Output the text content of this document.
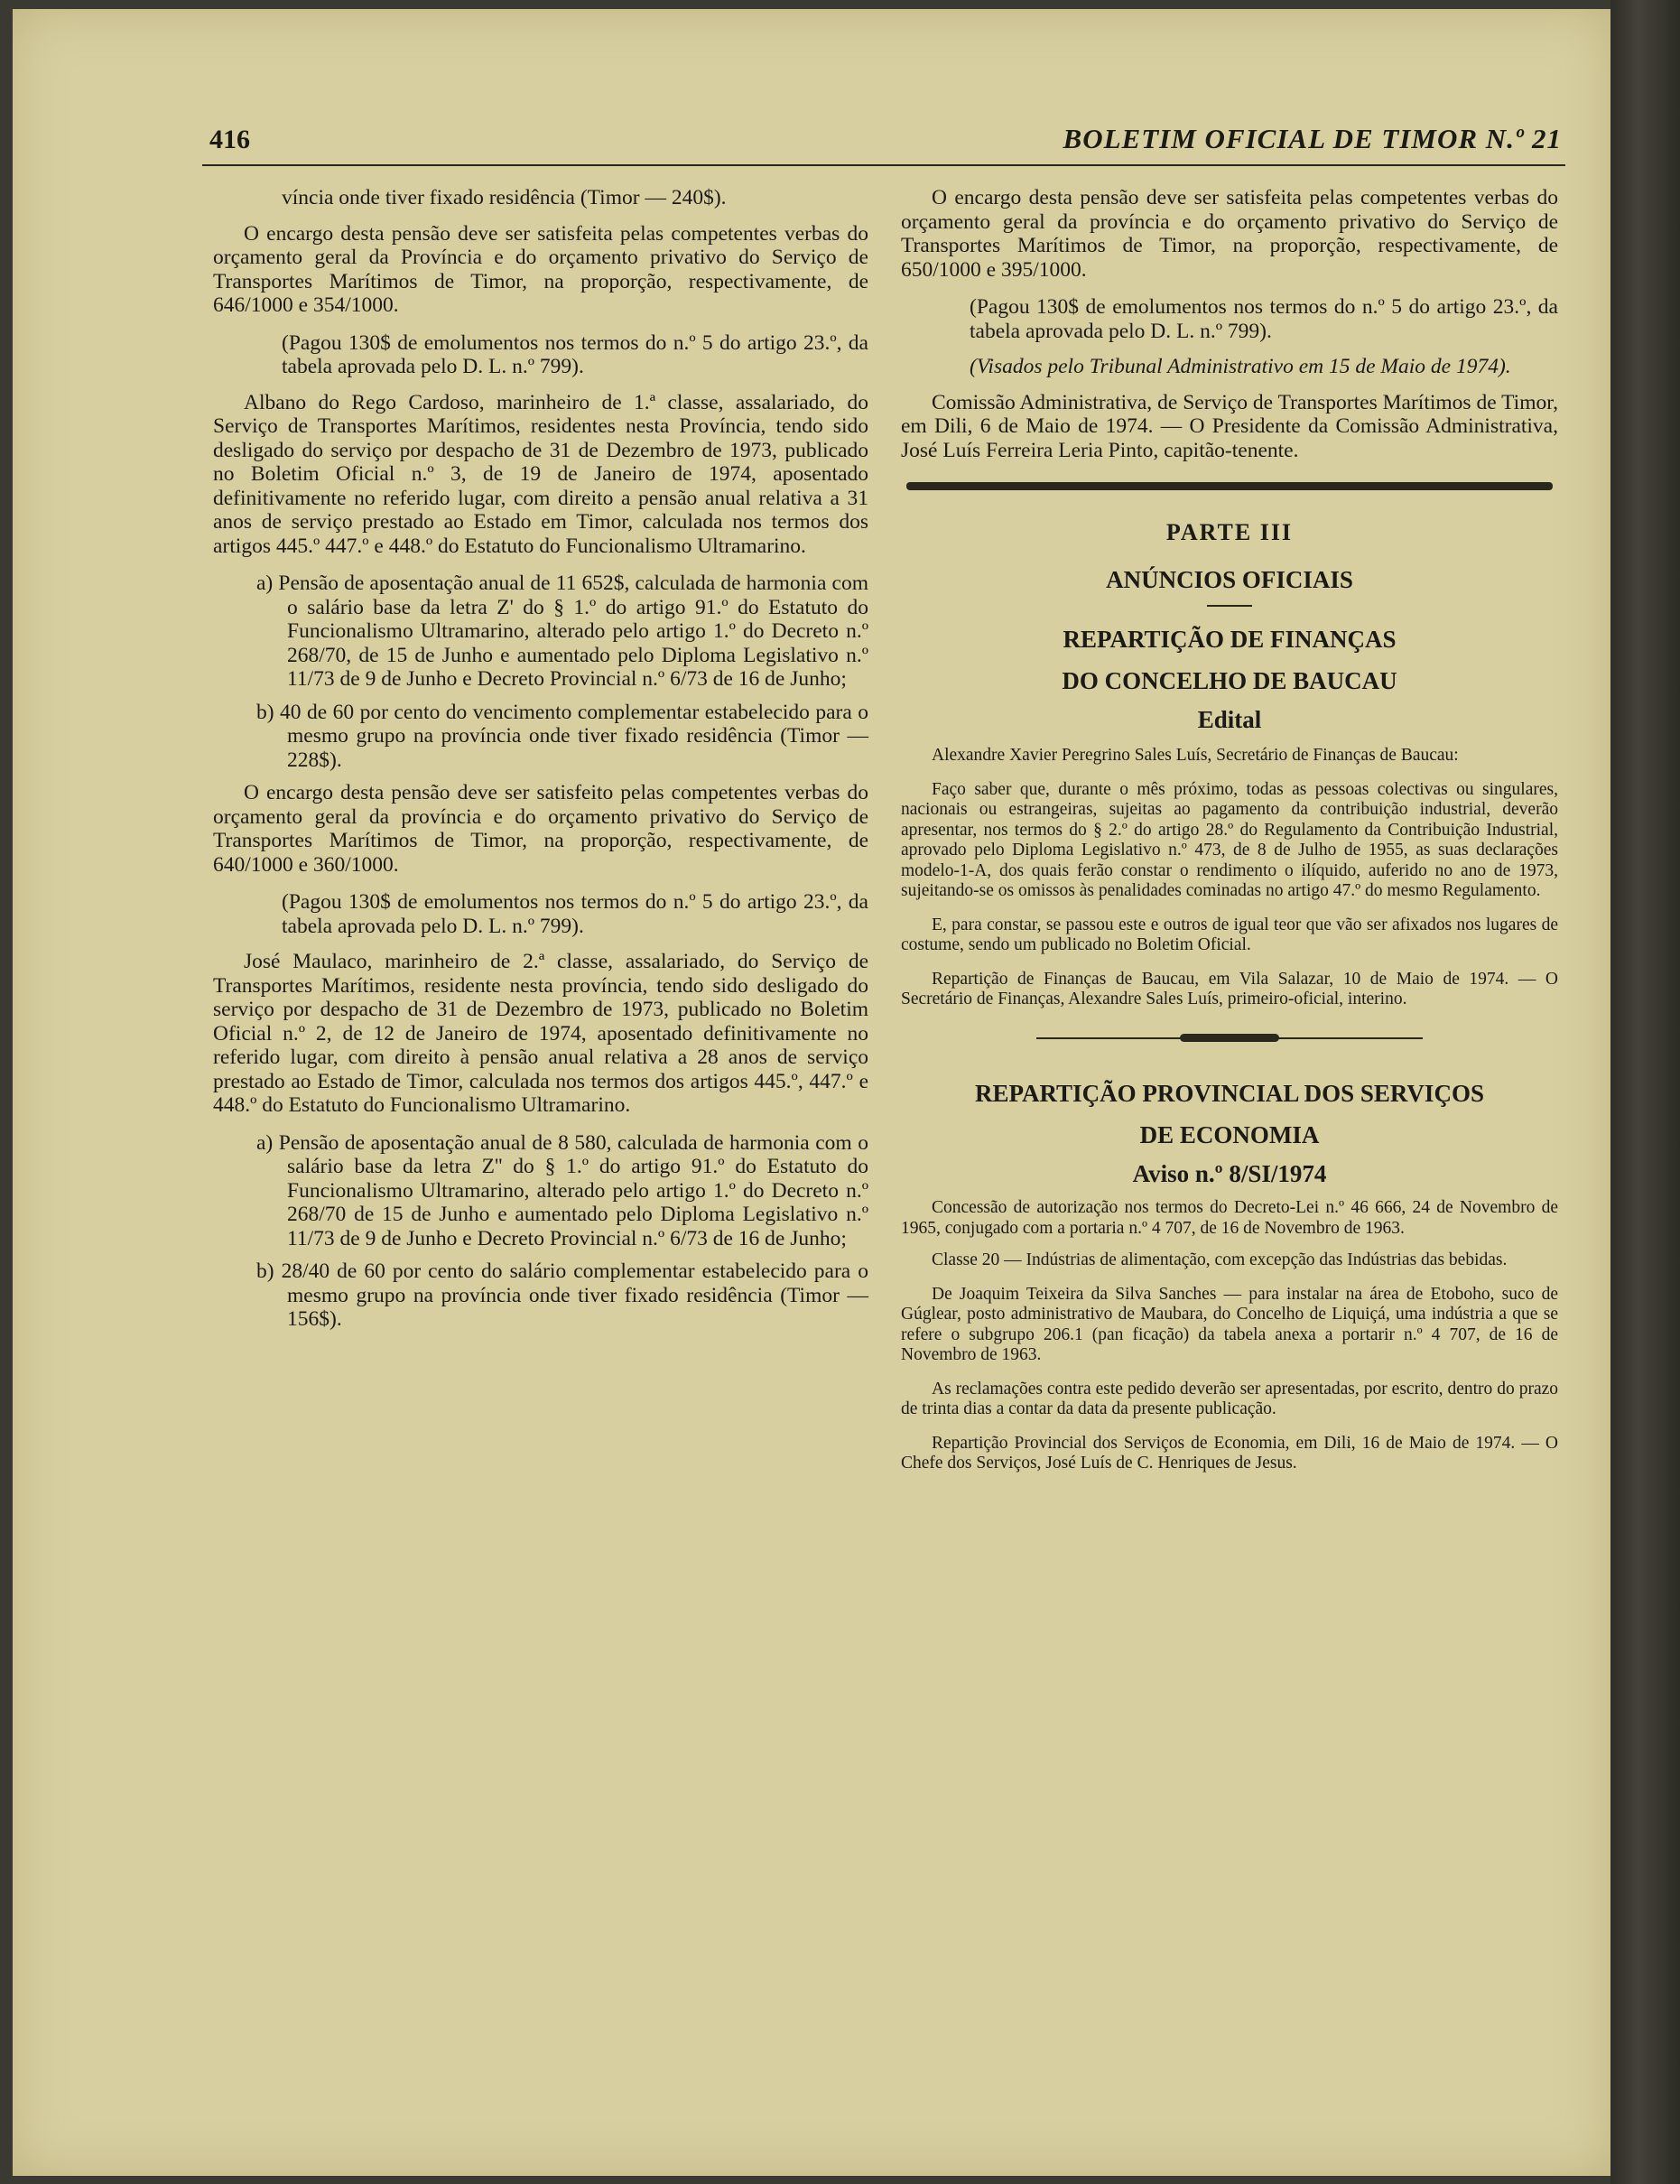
416	BOLETIM OFICIAL DE TIMOR N.º 21

víncia onde tiver fixado residência (Timor — 240$).

O encargo desta pensão deve ser satisfeita pelas competentes verbas do orçamento geral da Província e do orçamento privativo do Serviço de Transportes Marítimos de Timor, na proporção, respectivamente, de 646/1000 e 354/1000.

(Pagou 130$ de emolumentos nos termos do n.º 5 do artigo 23.º, da tabela aprovada pelo D. L. n.º 799).

Albano do Rego Cardoso, marinheiro de 1.ª classe, assalariado, do Serviço de Transportes Marítimos, residentes nesta Província, tendo sido desligado do serviço por despacho de 31 de Dezembro de 1973, publicado no Boletim Oficial n.º 3, de 19 de Janeiro de 1974, aposentado definitivamente no referido lugar, com direito a pensão anual relativa a 31 anos de serviço prestado ao Estado em Timor, calculada nos termos dos artigos 445.º 447.º e 448.º do Estatuto do Funcionalismo Ultramarino.

a) Pensão de aposentação anual de 11 652$, calculada de harmonia com o salário base da letra Z' do § 1.º do artigo 91.º do Estatuto do Funcionalismo Ultramarino, alterado pelo artigo 1.º do Decreto n.º 268/70, de 15 de Junho e aumentado pelo Diploma Legislativo n.º 11/73 de 9 de Junho e Decreto Provincial n.º 6/73 de 16 de Junho;

b) 40 de 60 por cento do vencimento complementar estabelecido para o mesmo grupo na província onde tiver fixado residência (Timor — 228$).

O encargo desta pensão deve ser satisfeito pelas competentes verbas do orçamento geral da província e do orçamento privativo do Serviço de Transportes Marítimos de Timor, na proporção, respectivamente, de 640/1000 e 360/1000.

(Pagou 130$ de emolumentos nos termos do n.º 5 do artigo 23.º, da tabela aprovada pelo D. L. n.º 799).

José Maulaco, marinheiro de 2.ª classe, assalariado, do Serviço de Transportes Marítimos, residente nesta província, tendo sido desligado do serviço por despacho de 31 de Dezembro de 1973, publicado no Boletim Oficial n.º 2, de 12 de Janeiro de 1974, aposentado definitivamente no referido lugar, com direito à pensão anual relativa a 28 anos de serviço prestado ao Estado de Timor, calculada nos termos dos artigos 445.º, 447.º e 448.º do Estatuto do Funcionalismo Ultramarino.

a) Pensão de aposentação anual de 8 580, calculada de harmonia com o salário base da letra Z'' do § 1.º do artigo 91.º do Estatuto do Funcionalismo Ultramarino, alterado pelo artigo 1.º do Decreto n.º 268/70 de 15 de Junho e aumentado pelo Diploma Legislativo n.º 11/73 de 9 de Junho e Decreto Provincial n.º 6/73 de 16 de Junho;

b) 28/40 de 60 por cento do salário complementar estabelecido para o mesmo grupo na província onde tiver fixado residência (Timor — 156$).

O encargo desta pensão deve ser satisfeita pelas competentes verbas do orçamento geral da província e do orçamento privativo do Serviço de Transportes Marítimos de Timor, na proporção, respectivamente, de 650/1000 e 395/1000.

(Pagou 130$ de emolumentos nos termos do n.º 5 do artigo 23.º, da tabela aprovada pelo D. L. n.º 799).

(Visados pelo Tribunal Administrativo em 15 de Maio de 1974).

Comissão Administrativa, de Serviço de Transportes Marítimos de Timor, em Dili, 6 de Maio de 1974. — O Presidente da Comissão Administrativa, José Luís Ferreira Leria Pinto, capitão-tenente.

PARTE III
ANÚNCIOS OFICIAIS
REPARTIÇÃO DE FINANÇAS
DO CONCELHO DE BAUCAU
Edital

Alexandre Xavier Peregrino Sales Luís, Secretário de Finanças de Baucau:

Faço saber que, durante o mês próximo, todas as pessoas colectivas ou singulares, nacionais ou estrangeiras, sujeitas ao pagamento da contribuição industrial, deverão apresentar, nos termos do § 2.º do artigo 28.º do Regulamento da Contribuição Industrial, aprovado pelo Diploma Legislativo n.º 473, de 8 de Julho de 1955, as suas declarações modelo-1-A, dos quais ferão constar o rendimento o ilíquido, auferido no ano de 1973, sujeitando-se os omissos às penalidades cominadas no artigo 47.º do mesmo Regulamento.

E, para constar, se passou este e outros de igual teor que vão ser afixados nos lugares de costume, sendo um publicado no Boletim Oficial.

Repartição de Finanças de Baucau, em Vila Salazar, 10 de Maio de 1974. — O Secretário de Finanças, Alexandre Sales Luís, primeiro-oficial, interino.

REPARTIÇÃO PROVINCIAL DOS SERVIÇOS
DE ECONOMIA
Aviso n.º 8/SI/1974

Concessão de autorização nos termos do Decreto-Lei n.º 46 666, 24 de Novembro de 1965, conjugado com a portaria n.º 4 707, de 16 de Novembro de 1963.

Classe 20 — Indústrias de alimentação, com excepção das Indústrias das bebidas.

De Joaquim Teixeira da Silva Sanches — para instalar na área de Etoboho, suco de Gúglear, posto administrativo de Maubara, do Concelho de Liquiçá, uma indústria a que se refere o subgrupo 206.1 (pan ficação) da tabela anexa a portarir n.º 4 707, de 16 de Novembro de 1963.

As reclamações contra este pedido deverão ser apresentadas, por escrito, dentro do prazo de trinta dias a contar da data da presente publicação.

Repartição Provincial dos Serviços de Economia, em Dili, 16 de Maio de 1974. — O Chefe dos Serviços, José Luís de C. Henriques de Jesus.
